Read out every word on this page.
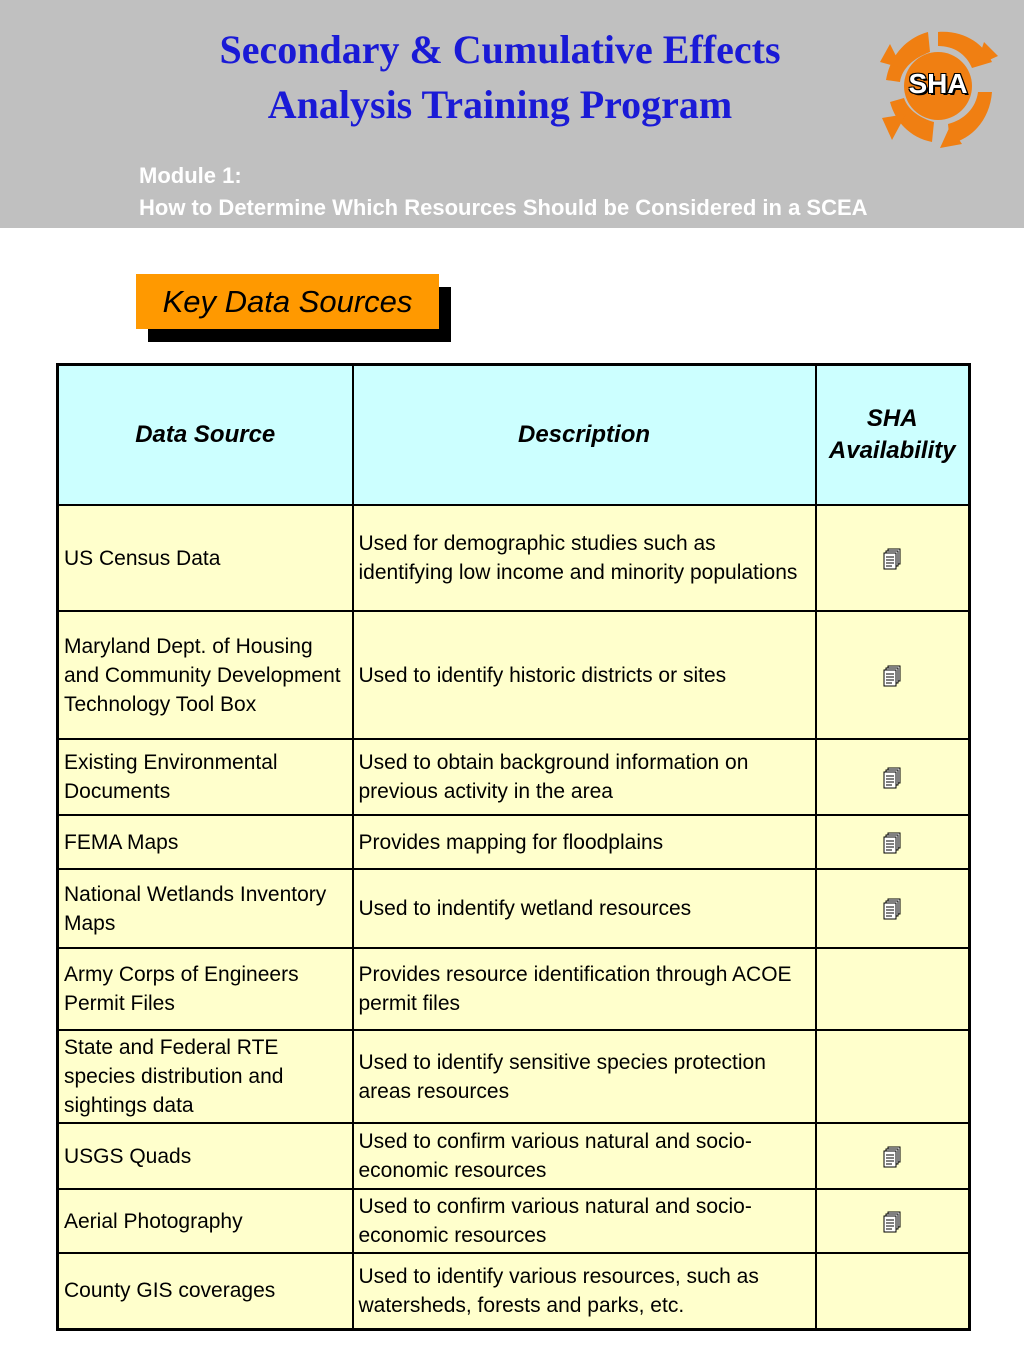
Secondary & Cumulative Effects
Analysis Training Program
Module 1:
How to Determine Which Resources Should be Considered in a SCEA
SHA
Key Data Sources
Data Source	Description	SHA Availability
US Census Data	Used for demographic studies such as identifying low income and minority populations	
Maryland Dept. of Housing and Community Development Technology Tool Box	Used to identify historic districts or sites	
Existing Environmental Documents	Used to obtain background information on previous activity in the area	
FEMA Maps	Provides mapping for floodplains	
National Wetlands Inventory Maps	Used to indentify wetland resources	
Army Corps of Engineers Permit Files	Provides resource identification through ACOE permit files	
State and Federal RTE species distribution and sightings data	Used to identify sensitive species protection areas resources	
USGS Quads	Used to confirm various natural and socio-economic resources	
Aerial Photography	Used to confirm various natural and socio-economic resources	
County GIS coverages	Used to identify various resources, such as watersheds, forests and parks, etc.	
